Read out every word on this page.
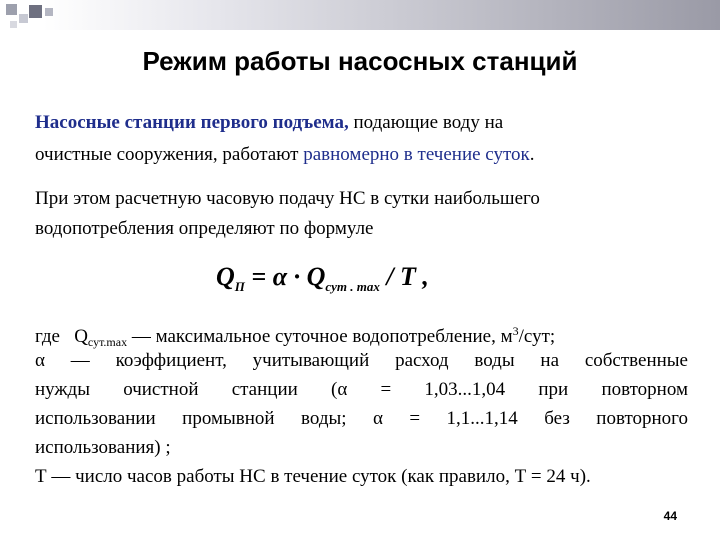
Режим работы насосных станций
Насосные станции первого подъема, подающие воду на
очистные сооружения, работают равномерно в течение суток.
При этом расчетную часовую подачу НС в сутки наибольшего
водопотребления определяют по формуле
$Q_П = \alpha \cdot Q_{сут . max} / T$ ,
где   $Q_{сут.max}$ — максимальное суточное водопотребление, $м^3$/сут;
α — коэффициент, учитывающий расход воды на собственные
нужды очистной станции (α = 1,03...1,04 при повторном
использовании промывной воды; α = 1,1...1,14 без повторного
использования) ;
Т — число часов работы НС в течение суток (как правило, Т = 24 ч).
44
